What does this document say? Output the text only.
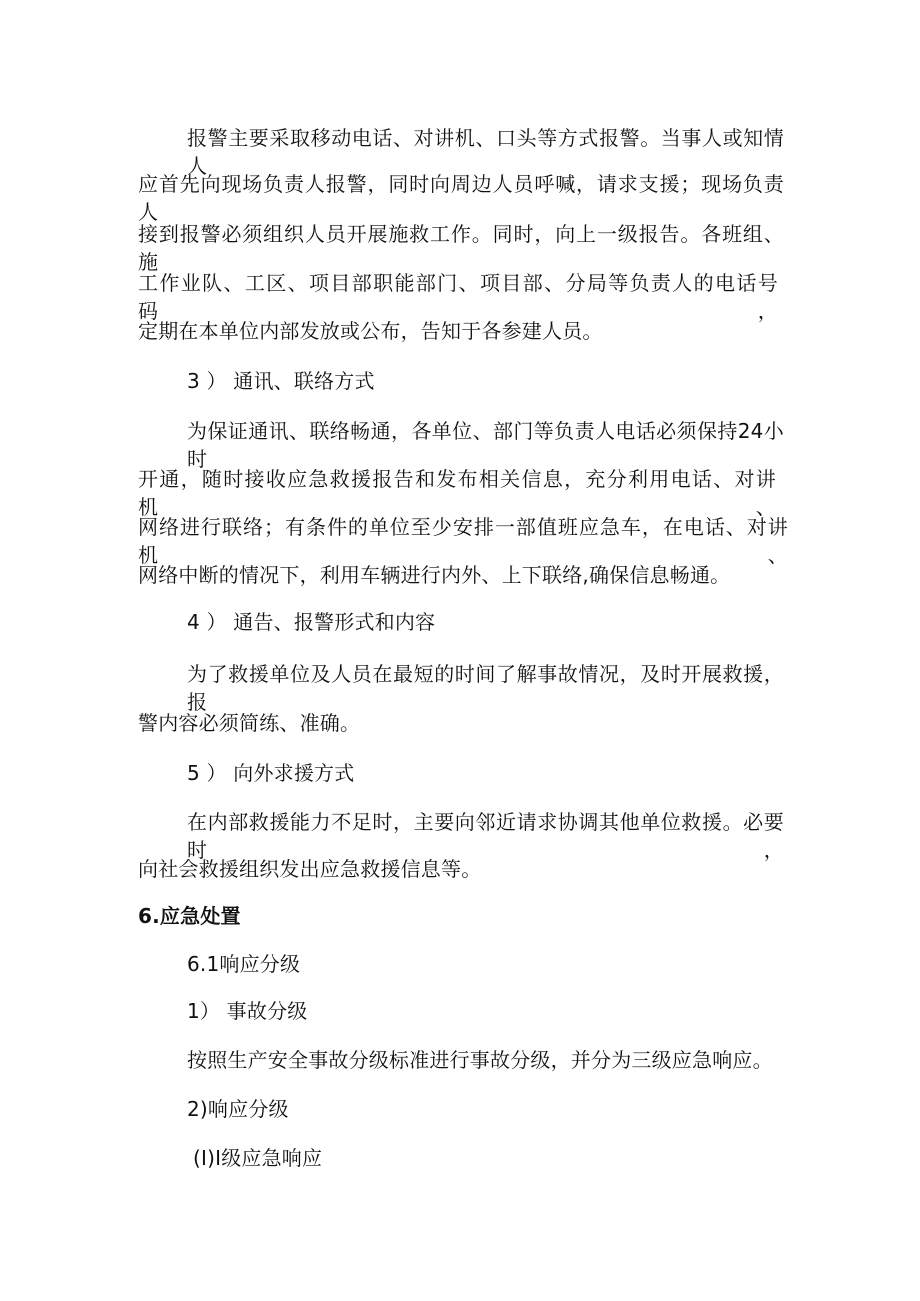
报警主要采取移动电话、对讲机、口头等方式报警。当事人或知情人
应首先向现场负责人报警，同时向周边人员呼喊，请求支援；现场负责人
接到报警必须组织人员开展施救工作。同时，向上一级报告。各班组、施
工作业队、工区、项目部职能部门、项目部、分局等负责人的电话号码，
定期在本单位内部发放或公布，告知于各参建人员。
3 ） 通讯、联络方式
为保证通讯、联络畅通，各单位、部门等负责人电话必须保持24小时
开通，随时接收应急救援报告和发布相关信息，充分利用电话、对讲机、
网络进行联络；有条件的单位至少安排一部值班应急车，在电话、对讲机、
网络中断的情况下，利用车辆进行内外、上下联络,确保信息畅通。
4 ） 通告、报警形式和内容
为了救援单位及人员在最短的时间了解事故情况，及时开展救援，报
警内容必须简练、准确。
5 ） 向外求援方式
在内部救援能力不足时，主要向邻近请求协调其他单位救援。必要时，
向社会救援组织发出应急救援信息等。
6.应急处置
6.1响应分级
1） 事故分级
按照生产安全事故分级标准进行事故分级，并分为三级应急响应。
2)响应分级
(I)I级应急响应
